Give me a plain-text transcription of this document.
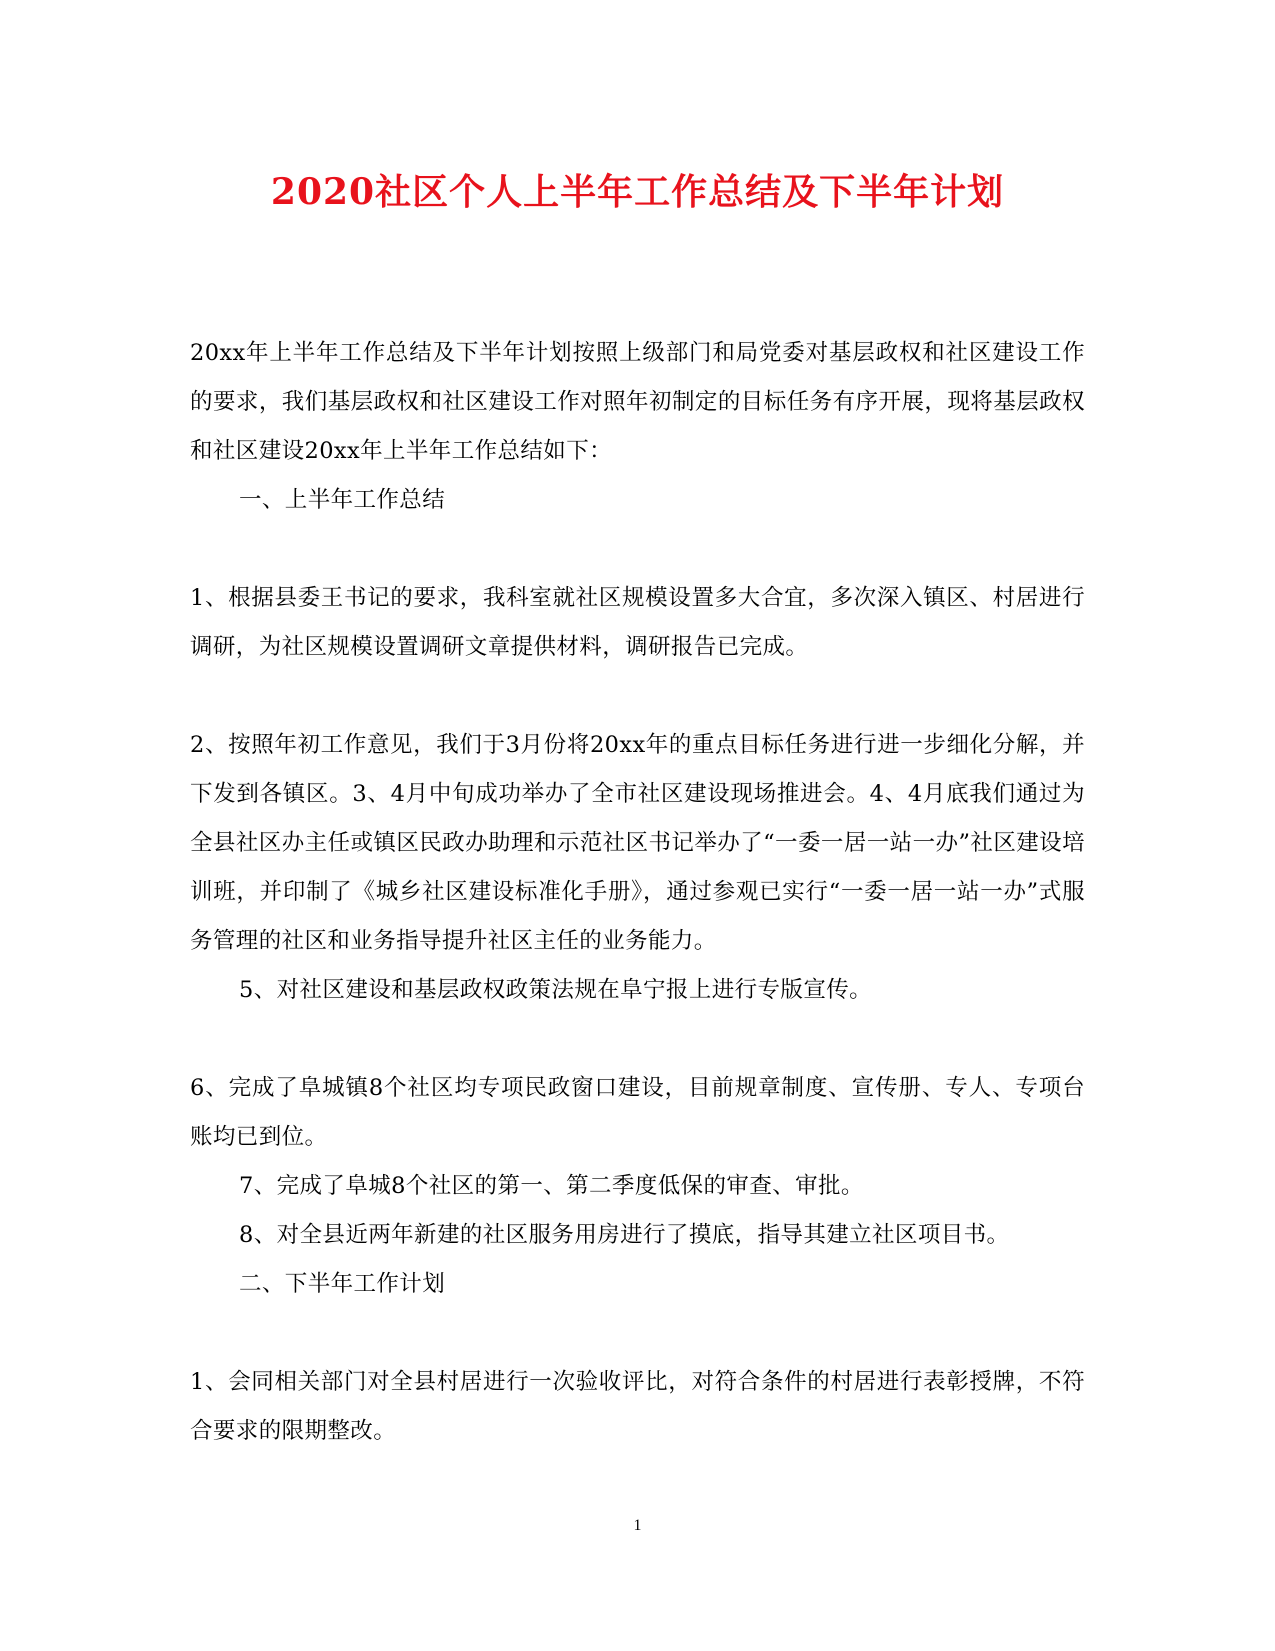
2020社区个人上半年工作总结及下半年计划

20xx年上半年工作总结及下半年计划按照上级部门和局党委对基层政权和社区建设工作的要求，我们基层政权和社区建设工作对照年初制定的目标任务有序开展，现将基层政权和社区建设20xx年上半年工作总结如下：

一、上半年工作总结

1、根据县委王书记的要求，我科室就社区规模设置多大合宜，多次深入镇区、村居进行调研，为社区规模设置调研文章提供材料，调研报告已完成。

2、按照年初工作意见，我们于3月份将20xx年的重点目标任务进行进一步细化分解，并下发到各镇区。3、4月中旬成功举办了全市社区建设现场推进会。4、4月底我们通过为全县社区办主任或镇区民政办助理和示范社区书记举办了“一委一居一站一办”社区建设培训班，并印制了《城乡社区建设标准化手册》，通过参观已实行“一委一居一站一办”式服务管理的社区和业务指导提升社区主任的业务能力。

5、对社区建设和基层政权政策法规在阜宁报上进行专版宣传。

6、完成了阜城镇8个社区均专项民政窗口建设，目前规章制度、宣传册、专人、专项台账均已到位。

7、完成了阜城8个社区的第一、第二季度低保的审查、审批。

8、对全县近两年新建的社区服务用房进行了摸底，指导其建立社区项目书。

二、下半年工作计划

1、会同相关部门对全县村居进行一次验收评比，对符合条件的村居进行表彰授牌，不符合要求的限期整改。

1
